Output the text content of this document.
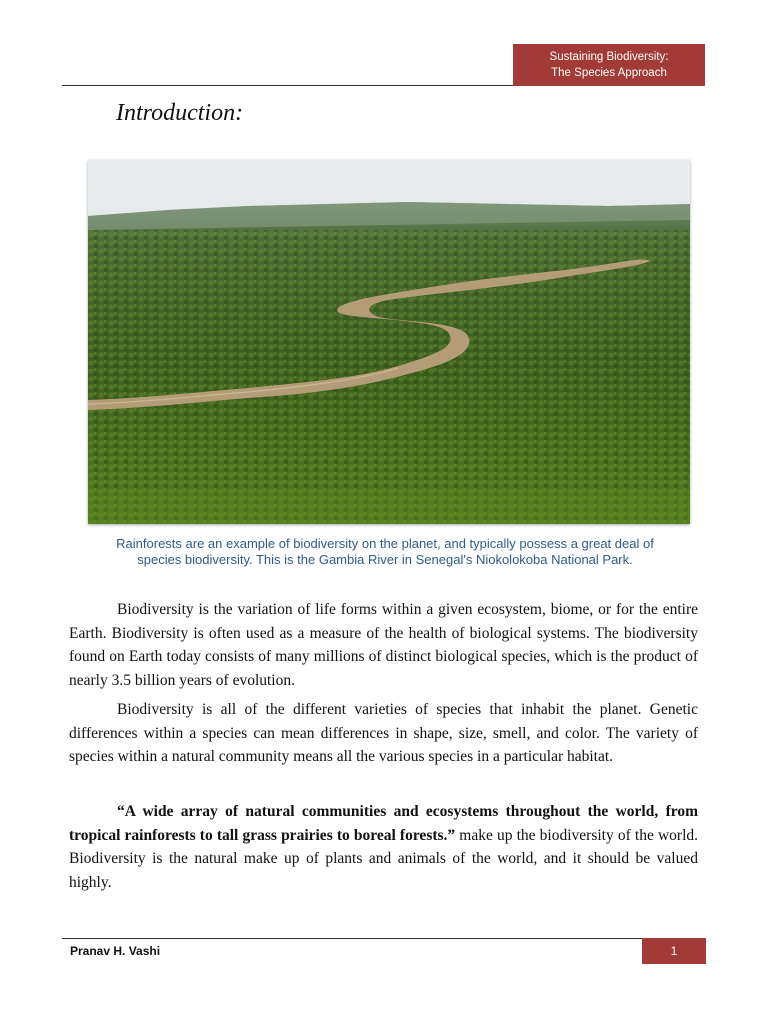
Sustaining Biodiversity:
The Species Approach
Introduction:

Rainforests are an example of biodiversity on the planet, and typically possess a great deal of
species biodiversity. This is the Gambia River in Senegal's Niokolokoba National Park.

Biodiversity is the variation of life forms within a given ecosystem, biome, or for the entire Earth. Biodiversity is often used as a measure of the health of biological systems. The biodiversity found on Earth today consists of many millions of distinct biological species, which is the product of nearly 3.5 billion years of evolution.

Biodiversity is all of the different varieties of species that inhabit the planet. Genetic differences within a species can mean differences in shape, size, smell, and color. The variety of species within a natural community means all the various species in a particular habitat.

“A wide array of natural communities and ecosystems throughout the world, from tropical rainforests to tall grass prairies to boreal forests.” make up the biodiversity of the world. Biodiversity is the natural make up of plants and animals of the world, and it should be valued highly.

Pranav H. Vashi	1
